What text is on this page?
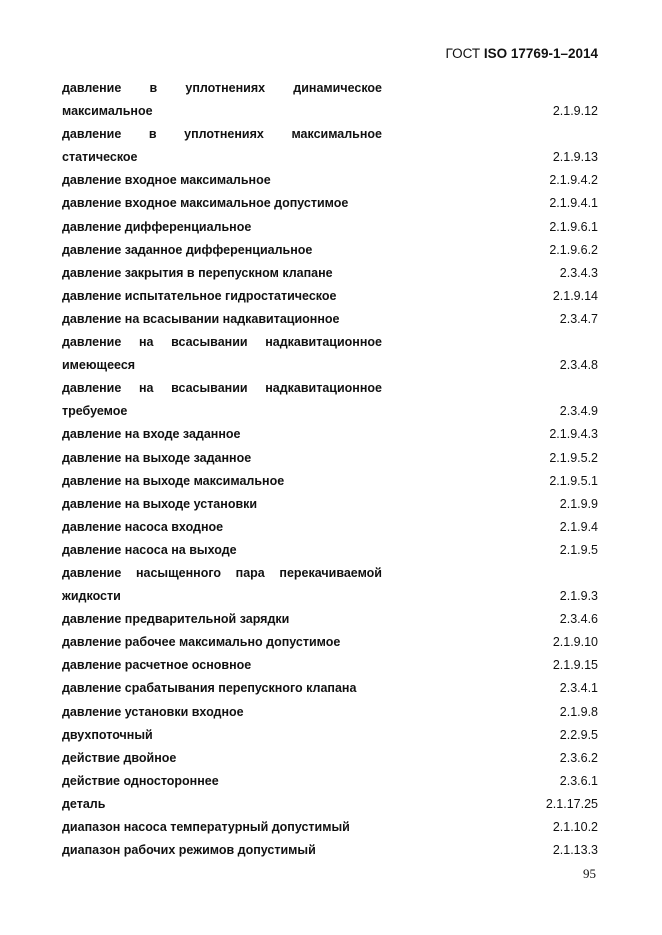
ГОСТ ISO 17769-1–2014
давление в уплотнениях динамическое
максимальное	2.1.9.12
давление в уплотнениях максимальное
статическое	2.1.9.13
давление входное максимальное	2.1.9.4.2
давление входное максимальное допустимое	2.1.9.4.1
давление дифференциальное	2.1.9.6.1
давление заданное дифференциальное	2.1.9.6.2
давление закрытия в перепускном клапане	2.3.4.3
давление испытательное гидростатическое	2.1.9.14
давление на всасывании надкавитационное	2.3.4.7
давление на всасывании надкавитационное
имеющееся	2.3.4.8
давление на всасывании надкавитационное
требуемое	2.3.4.9
давление на входе заданное	2.1.9.4.3
давление на выходе заданное	2.1.9.5.2
давление на выходе максимальное	2.1.9.5.1
давление на выходе установки	2.1.9.9
давление насоса входное	2.1.9.4
давление насоса на выходе	2.1.9.5
давление насыщенного пара перекачиваемой
жидкости	2.1.9.3
давление предварительной зарядки	2.3.4.6
давление рабочее максимально допустимое	2.1.9.10
давление расчетное основное	2.1.9.15
давление срабатывания перепускного клапана	2.3.4.1
давление установки входное	2.1.9.8
двухпоточный	2.2.9.5
действие двойное	2.3.6.2
действие одностороннее	2.3.6.1
деталь	2.1.17.25
диапазон насоса температурный допустимый	2.1.10.2
диапазон рабочих режимов допустимый	2.1.13.3
95
